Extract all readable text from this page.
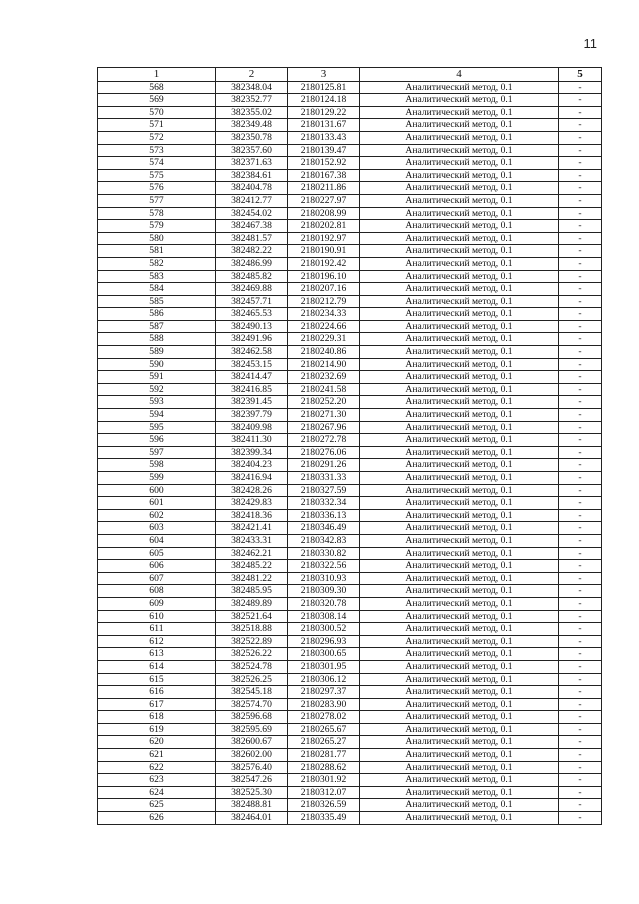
11
1	2	3	4	5
568	382348.04	2180125.81	Аналитический метод, 0.1	-
569	382352.77	2180124.18	Аналитический метод, 0.1	-
570	382355.02	2180129.22	Аналитический метод, 0.1	-
571	382349.48	2180131.67	Аналитический метод, 0.1	-
572	382350.78	2180133.43	Аналитический метод, 0.1	-
573	382357.60	2180139.47	Аналитический метод, 0.1	-
574	382371.63	2180152.92	Аналитический метод, 0.1	-
575	382384.61	2180167.38	Аналитический метод, 0.1	-
576	382404.78	2180211.86	Аналитический метод, 0.1	-
577	382412.77	2180227.97	Аналитический метод, 0.1	-
578	382454.02	2180208.99	Аналитический метод, 0.1	-
579	382467.38	2180202.81	Аналитический метод, 0.1	-
580	382481.57	2180192.97	Аналитический метод, 0.1	-
581	382482.22	2180190.91	Аналитический метод, 0.1	-
582	382486.99	2180192.42	Аналитический метод, 0.1	-
583	382485.82	2180196.10	Аналитический метод, 0.1	-
584	382469.88	2180207.16	Аналитический метод, 0.1	-
585	382457.71	2180212.79	Аналитический метод, 0.1	-
586	382465.53	2180234.33	Аналитический метод, 0.1	-
587	382490.13	2180224.66	Аналитический метод, 0.1	-
588	382491.96	2180229.31	Аналитический метод, 0.1	-
589	382462.58	2180240.86	Аналитический метод, 0.1	-
590	382453.15	2180214.90	Аналитический метод, 0.1	-
591	382414.47	2180232.69	Аналитический метод, 0.1	-
592	382416.85	2180241.58	Аналитический метод, 0.1	-
593	382391.45	2180252.20	Аналитический метод, 0.1	-
594	382397.79	2180271.30	Аналитический метод, 0.1	-
595	382409.98	2180267.96	Аналитический метод, 0.1	-
596	382411.30	2180272.78	Аналитический метод, 0.1	-
597	382399.34	2180276.06	Аналитический метод, 0.1	-
598	382404.23	2180291.26	Аналитический метод, 0.1	-
599	382416.94	2180331.33	Аналитический метод, 0.1	-
600	382428.26	2180327.59	Аналитический метод, 0.1	-
601	382429.83	2180332.34	Аналитический метод, 0.1	-
602	382418.36	2180336.13	Аналитический метод, 0.1	-
603	382421.41	2180346.49	Аналитический метод, 0.1	-
604	382433.31	2180342.83	Аналитический метод, 0.1	-
605	382462.21	2180330.82	Аналитический метод, 0.1	-
606	382485.22	2180322.56	Аналитический метод, 0.1	-
607	382481.22	2180310.93	Аналитический метод, 0.1	-
608	382485.95	2180309.30	Аналитический метод, 0.1	-
609	382489.89	2180320.78	Аналитический метод, 0.1	-
610	382521.64	2180308.14	Аналитический метод, 0.1	-
611	382518.88	2180300.52	Аналитический метод, 0.1	-
612	382522.89	2180296.93	Аналитический метод, 0.1	-
613	382526.22	2180300.65	Аналитический метод, 0.1	-
614	382524.78	2180301.95	Аналитический метод, 0.1	-
615	382526.25	2180306.12	Аналитический метод, 0.1	-
616	382545.18	2180297.37	Аналитический метод, 0.1	-
617	382574.70	2180283.90	Аналитический метод, 0.1	-
618	382596.68	2180278.02	Аналитический метод, 0.1	-
619	382595.69	2180265.67	Аналитический метод, 0.1	-
620	382600.67	2180265.27	Аналитический метод, 0.1	-
621	382602.00	2180281.77	Аналитический метод, 0.1	-
622	382576.40	2180288.62	Аналитический метод, 0.1	-
623	382547.26	2180301.92	Аналитический метод, 0.1	-
624	382525.30	2180312.07	Аналитический метод, 0.1	-
625	382488.81	2180326.59	Аналитический метод, 0.1	-
626	382464.01	2180335.49	Аналитический метод, 0.1	-
